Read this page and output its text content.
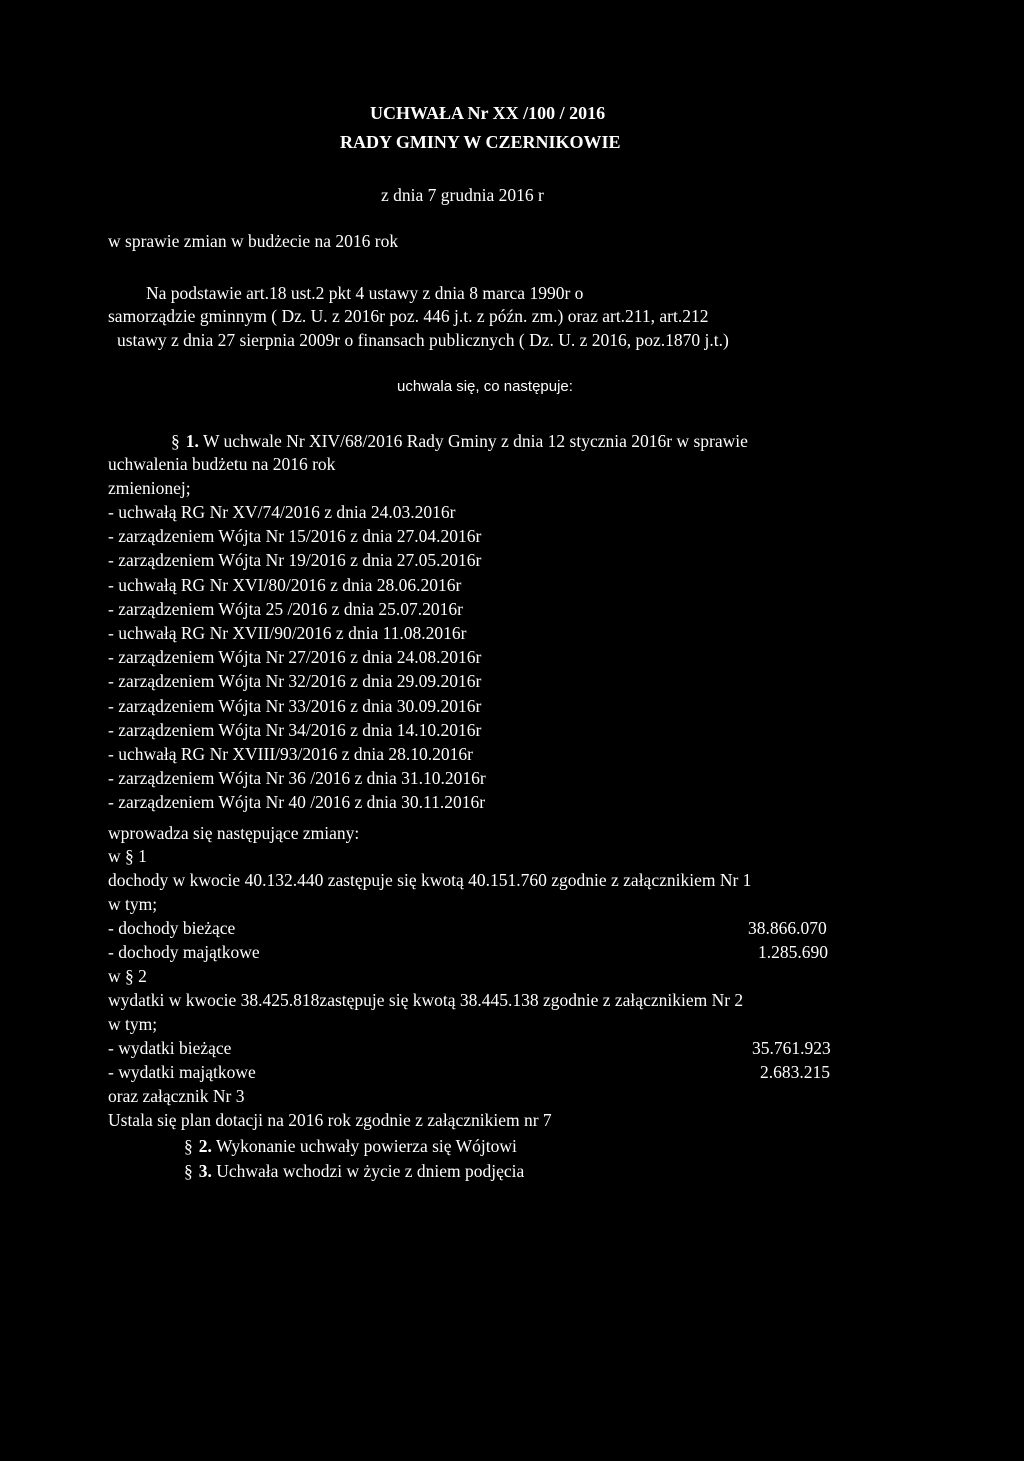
UCHWAŁA Nr XX /100 / 2016
RADY GMINY W CZERNIKOWIE
z dnia 7 grudnia 2016 r
w sprawie zmian w budżecie na 2016 rok
Na podstawie art.18 ust.2 pkt 4 ustawy z dnia 8 marca 1990r o
samorządzie gminnym ( Dz. U. z 2016r poz. 446 j.t. z późn. zm.) oraz art.211, art.212
ustawy z dnia 27 sierpnia 2009r o finansach publicznych ( Dz. U. z 2016, poz.1870 j.t.)
uchwala się, co następuje:
§ 1. W uchwale Nr XIV/68/2016 Rady Gminy z dnia 12 stycznia 2016r w sprawie
uchwalenia budżetu na 2016 rok
zmienionej;
- uchwałą RG Nr XV/74/2016 z dnia 24.03.2016r
- zarządzeniem Wójta Nr 15/2016 z dnia 27.04.2016r
- zarządzeniem Wójta Nr 19/2016 z dnia 27.05.2016r
- uchwałą RG Nr XVI/80/2016 z dnia 28.06.2016r
- zarządzeniem Wójta 25 /2016 z dnia 25.07.2016r
- uchwałą RG Nr XVII/90/2016 z dnia 11.08.2016r
- zarządzeniem Wójta Nr 27/2016 z dnia 24.08.2016r
- zarządzeniem Wójta Nr 32/2016 z dnia 29.09.2016r
- zarządzeniem Wójta Nr 33/2016 z dnia 30.09.2016r
- zarządzeniem Wójta Nr 34/2016 z dnia 14.10.2016r
- uchwałą RG Nr XVIII/93/2016 z dnia 28.10.2016r
- zarządzeniem Wójta Nr 36 /2016 z dnia 31.10.2016r
- zarządzeniem Wójta Nr 40 /2016 z dnia 30.11.2016r
wprowadza się następujące zmiany:
w § 1
dochody w kwocie 40.132.440 zastępuje się kwotą 40.151.760 zgodnie z załącznikiem Nr 1
w tym;
- dochody bieżące	38.866.070
- dochody majątkowe	1.285.690
w § 2
wydatki w kwocie 38.425.818zastępuje się kwotą 38.445.138 zgodnie z załącznikiem Nr 2
w tym;
- wydatki bieżące	35.761.923
- wydatki majątkowe	2.683.215
oraz załącznik Nr 3
Ustala się plan dotacji na 2016 rok zgodnie z załącznikiem nr 7
§ 2. Wykonanie uchwały powierza się Wójtowi
§ 3. Uchwała wchodzi w życie z dniem podjęcia
